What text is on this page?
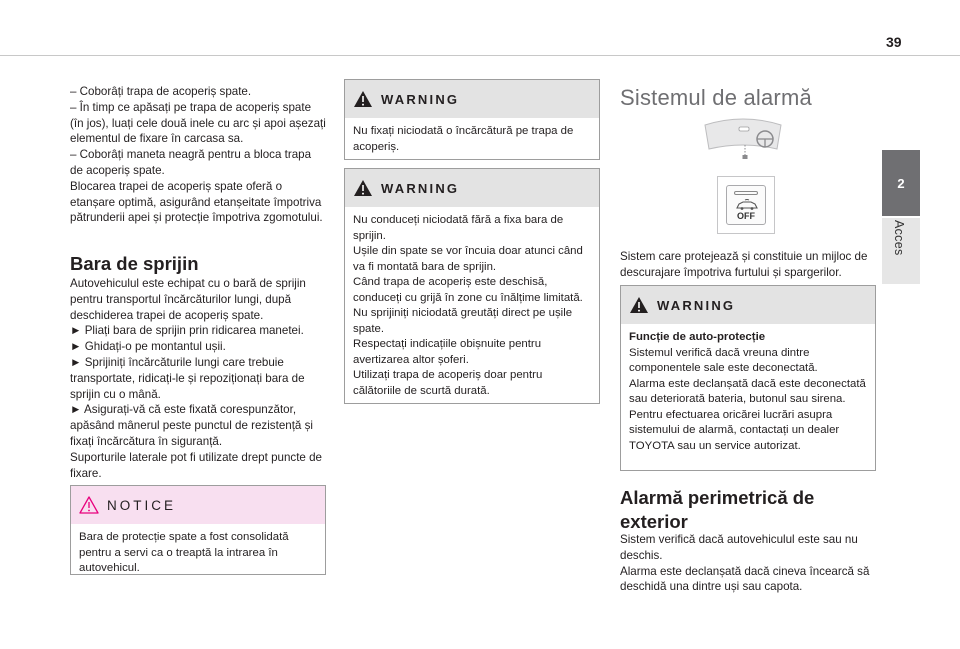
39
2
Acces

– Coborâți trapa de acoperiș spate.

– În timp ce apăsați pe trapa de acoperiș spate (în jos), luați cele două inele cu arc și apoi așezați elementul de fixare în carcasa sa.

– Coborâți maneta neagră pentru a bloca trapa de acoperiș spate.

Blocarea trapei de acoperiș spate oferă o etanșare optimă, asigurând etanșeitate împotriva pătrunderii apei și protecție împotriva zgomotului.

Bara de sprijin

Autovehiculul este echipat cu o bară de sprijin pentru transportul încărcăturilor lungi, după deschiderea trapei de acoperiș spate.

► Pliați bara de sprijin prin ridicarea manetei.

► Ghidați-o pe montantul ușii.

► Sprijiniți încărcăturile lungi care trebuie transportate, ridicați-le și repoziționați bara de sprijin cu o mână.

► Asigurați-vă că este fixată corespunzător, apăsând mânerul peste punctul de rezistență și fixați încărcătura în siguranță.

Suporturile laterale pot fi utilizate drept puncte de fixare.

NOTICE
Bara de protecție spate a fost consolidată pentru a servi ca o treaptă la intrarea în autovehicul.
WARNING
Nu fixați niciodată o încărcătură pe trapa de acoperiș.
WARNING

Nu conduceți niciodată fără a fixa bara de sprijin.

Ușile din spate se vor încuia doar atunci când va fi montată bara de sprijin.

Când trapa de acoperiș este deschisă, conduceți cu grijă în zone cu înălțime limitată.

Nu sprijiniți niciodată greutăți direct pe ușile spate.

Respectați indicațiile obișnuite pentru avertizarea altor șoferi.

Utilizați trapa de acoperiș doar pentru călătoriile de scurtă durată.

Sistemul de alarmă
OFF
Sistem care protejează și constituie un mijloc de descurajare împotriva furtului și spargerilor.
WARNING

Funcție de auto-protecție

Sistemul verifică dacă vreuna dintre componentele sale este deconectată.

Alarma este declanșată dacă este deconectată sau deteriorată bateria, butonul sau sirena.

Pentru efectuarea oricărei lucrări asupra sistemului de alarmă, contactați un dealer TOYOTA sau un service autorizat.

Alarmă perimetrică de exterior

Sistem verifică dacă autovehiculul este sau nu deschis.

Alarma este declanșată dacă cineva încearcă să deschidă una dintre uși sau capota.
